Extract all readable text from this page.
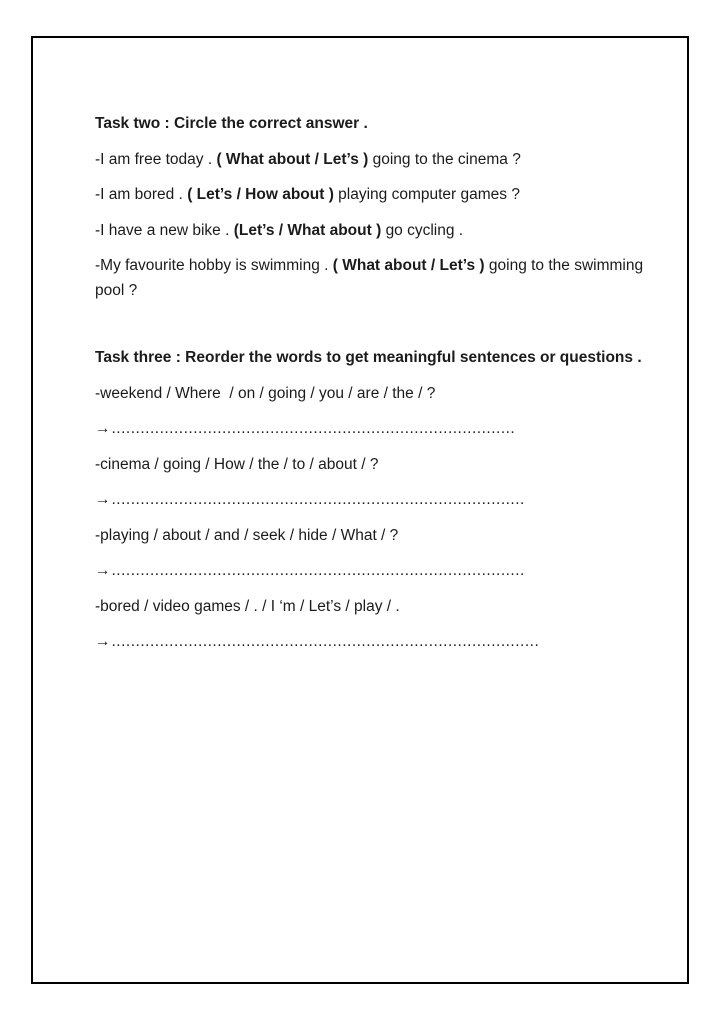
Task two : Circle the correct answer .

-I am free today . ( What about / Let’s ) going to the cinema ?

-I am bored . ( Let’s / How about ) playing computer games ?

-I have a new bike . (Let’s / What about ) go cycling .

-My favourite hobby is swimming . ( What about / Let’s ) going to the swimming pool ?

Task three : Reorder the words to get meaningful sentences or questions .

-weekend / Where  / on / going / you / are / the / ?

→....................................................................................

-cinema / going / How / the / to / about / ?

→......................................................................................

-playing / about / and / seek / hide / What / ?

→......................................................................................

-bored / video games / . / I ‘m / Let’s / play / .

→.........................................................................................
